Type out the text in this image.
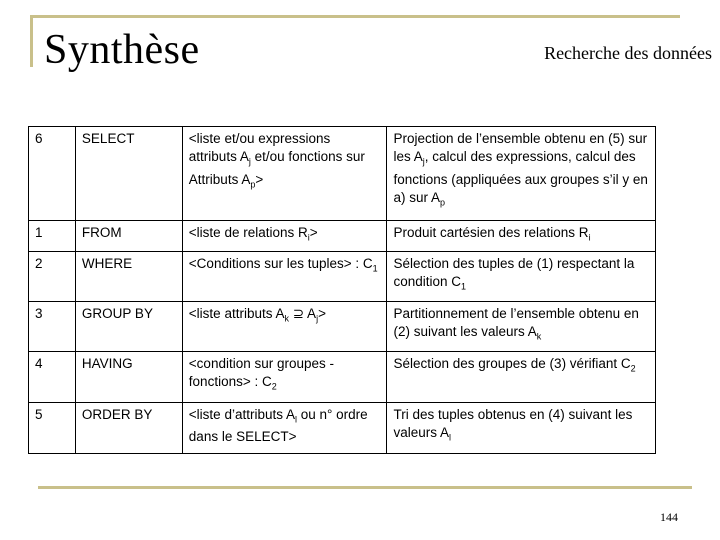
Synthèse	Recherche des données
6	SELECT	<liste et/ou expressions attributs $A_j$ et/ou fonctions sur Attributs $A_p>$	Projection de l’ensemble obtenu en (5) sur les $A_j$, calcul des expressions, calcul des fonctions (appliquées aux groupes s’il y en a) sur $A_p$
1	FROM	<liste de relations $R_i>$	Produit cartésien des relations $R_i$
2	WHERE	<Conditions sur les tuples> : $C_1$	Sélection des tuples de (1) respectant la condition $C_1$
3	GROUP BY	<liste attributs $A_k$ ⊇ $A_j>$	Partitionnement de l’ensemble obtenu en (2) suivant les valeurs $A_k$
4	HAVING	<condition sur groupes - fonctions> : $C_2$	Sélection des groupes de (3) vérifiant $C_2$
5	ORDER BY	<liste d’attributs $A_l$ ou n° ordre dans le SELECT>	Tri des tuples obtenus en (4) suivant les valeurs $A_l$
144
